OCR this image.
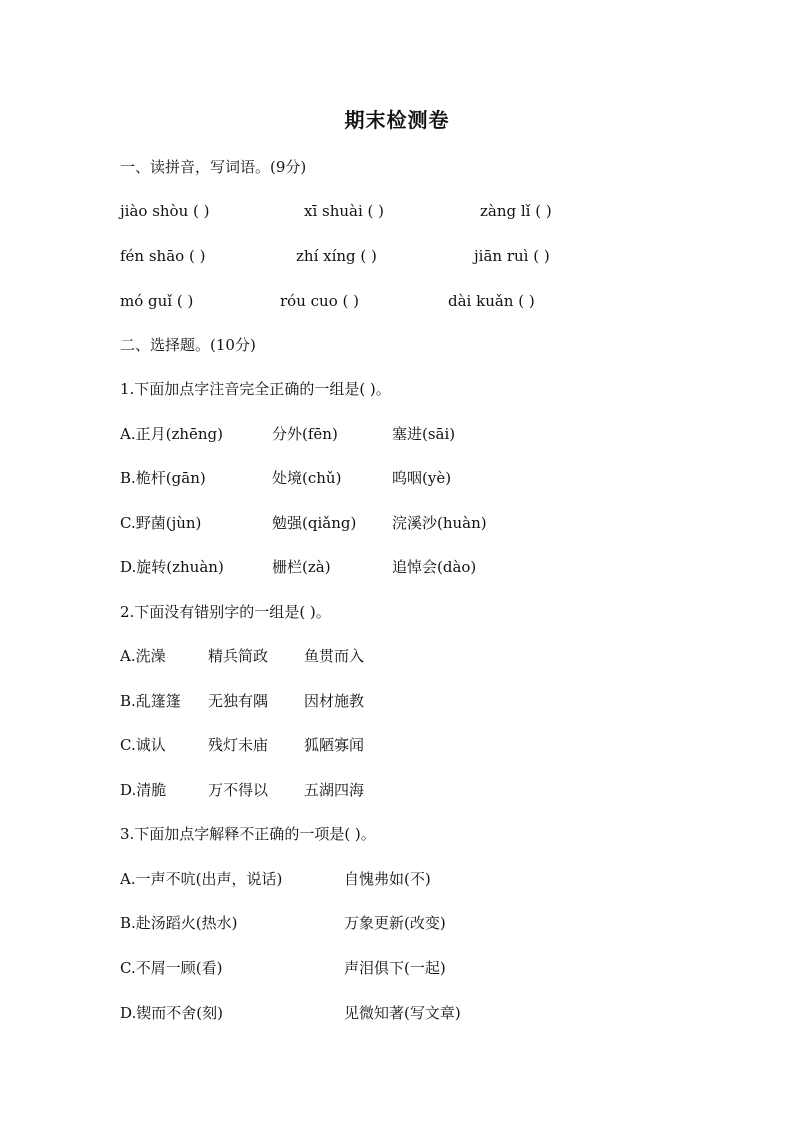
期末检测卷
一、读拼音，写词语。(9分)
jiào shòu ( )	xī shuài ( )	zàng lǐ ( )
fén shāo ( )	zhí xíng ( )	jiān ruì ( )
mó guǐ ( )	róu cuo ( )	dài kuǎn ( )
二、选择题。(10分)
1.下面加点字注音完全正确的一组是( )。
A.正月(zhēng)	分外(fēn)	塞进(sāi)
B.桅杆(gān)	处境(chǔ)	呜咽(yè)
C.野菌(jùn)	勉强(qiǎng) 浣溪沙(huàn)
D.旋转(zhuàn)	栅栏(zà)	追悼会(dào)
2.下面没有错别字的一组是( )。
A.洗澡	精兵简政 鱼贯而入
B.乱篷篷 无独有隅 因材施教
C.诚认	残灯未庙 狐陋寡闻
D.清脆	万不得以 五湖四海
3.下面加点字解释不正确的一项是( )。
A.一声不吭(出声，说话)	自愧弗如(不)
B.赴汤蹈火(热水)	万象更新(改变)
C.不屑一顾(看)	声泪俱下(一起)
D.锲而不舍(刻)	见微知著(写文章)
